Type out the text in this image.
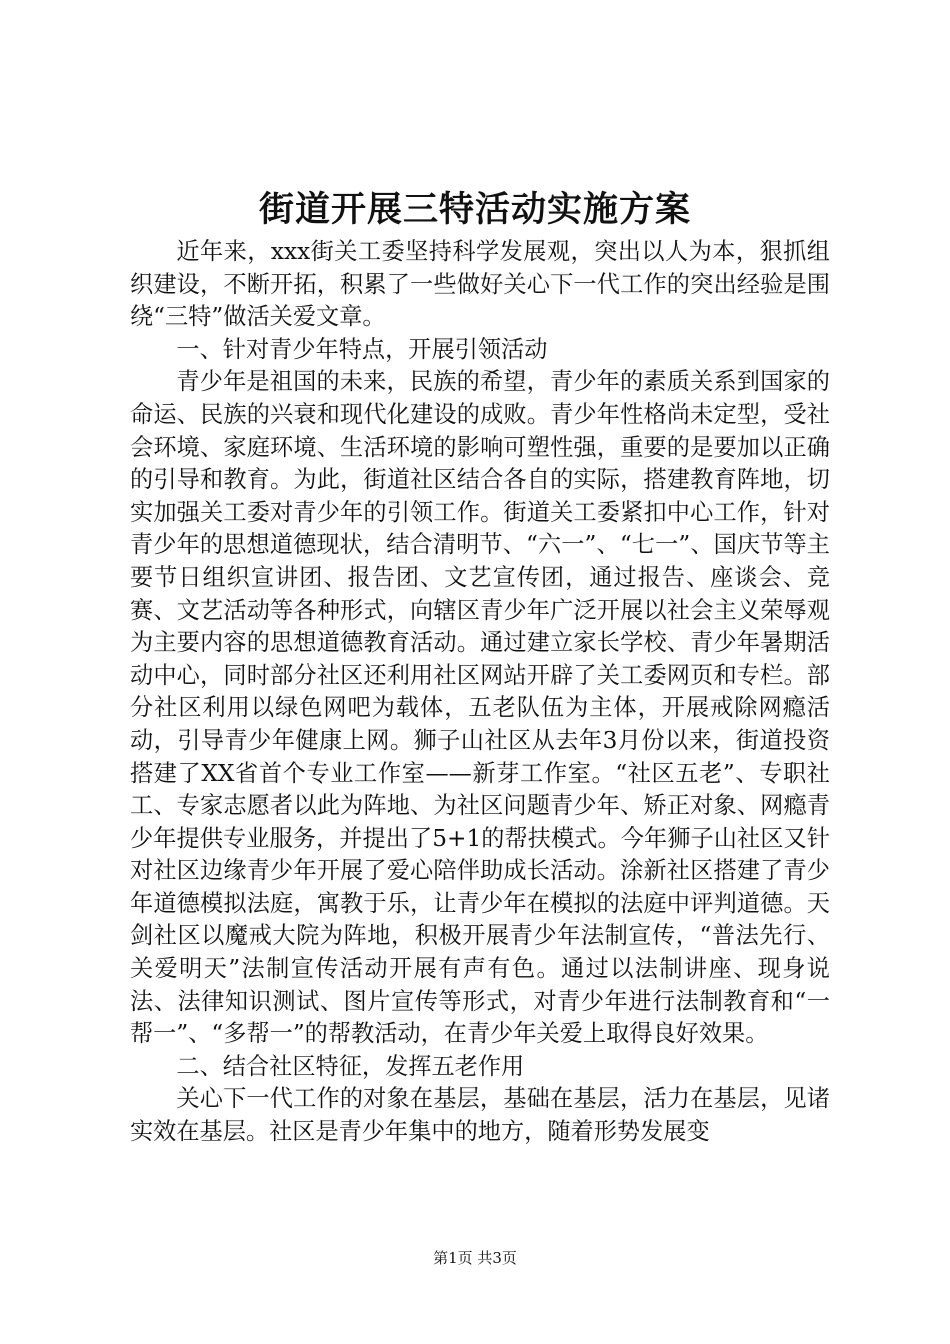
街道开展三特活动实施方案

近年来，xxx街关工委坚持科学发展观，突出以人为本，狠抓组织建设，不断开拓，积累了一些做好关心下一代工作的突出经验是围绕“三特”做活关爱文章。

一、针对青少年特点，开展引领活动

青少年是祖国的未来，民族的希望，青少年的素质关系到国家的命运、民族的兴衰和现代化建设的成败。青少年性格尚未定型，受社会环境、家庭环境、生活环境的影响可塑性强，重要的是要加以正确的引导和教育。为此，街道社区结合各自的实际，搭建教育阵地，切实加强关工委对青少年的引领工作。街道关工委紧扣中心工作，针对青少年的思想道德现状，结合清明节、“六一”、“七一”、国庆节等主要节日组织宣讲团、报告团、文艺宣传团，通过报告、座谈会、竞赛、文艺活动等各种形式，向辖区青少年广泛开展以社会主义荣辱观为主要内容的思想道德教育活动。通过建立家长学校、青少年暑期活动中心，同时部分社区还利用社区网站开辟了关工委网页和专栏。部分社区利用以绿色网吧为载体，五老队伍为主体，开展戒除网瘾活动，引导青少年健康上网。狮子山社区从去年3月份以来，街道投资搭建了XX省首个专业工作室——新芽工作室。“社区五老”、专职社工、专家志愿者以此为阵地、为社区问题青少年、矫正对象、网瘾青少年提供专业服务，并提出了5+1的帮扶模式。今年狮子山社区又针对社区边缘青少年开展了爱心陪伴助成长活动。涂新社区搭建了青少年道德模拟法庭，寓教于乐，让青少年在模拟的法庭中评判道德。天剑社区以魔戒大院为阵地，积极开展青少年法制宣传，“普法先行、关爱明天”法制宣传活动开展有声有色。通过以法制讲座、现身说法、法律知识测试、图片宣传等形式，对青少年进行法制教育和“一帮一”、“多帮一”的帮教活动，在青少年关爱上取得良好效果。

二、结合社区特征，发挥五老作用

关心下一代工作的对象在基层，基础在基层，活力在基层，见诸实效在基层。社区是青少年集中的地方，随着形势发展变

第1页 共3页
